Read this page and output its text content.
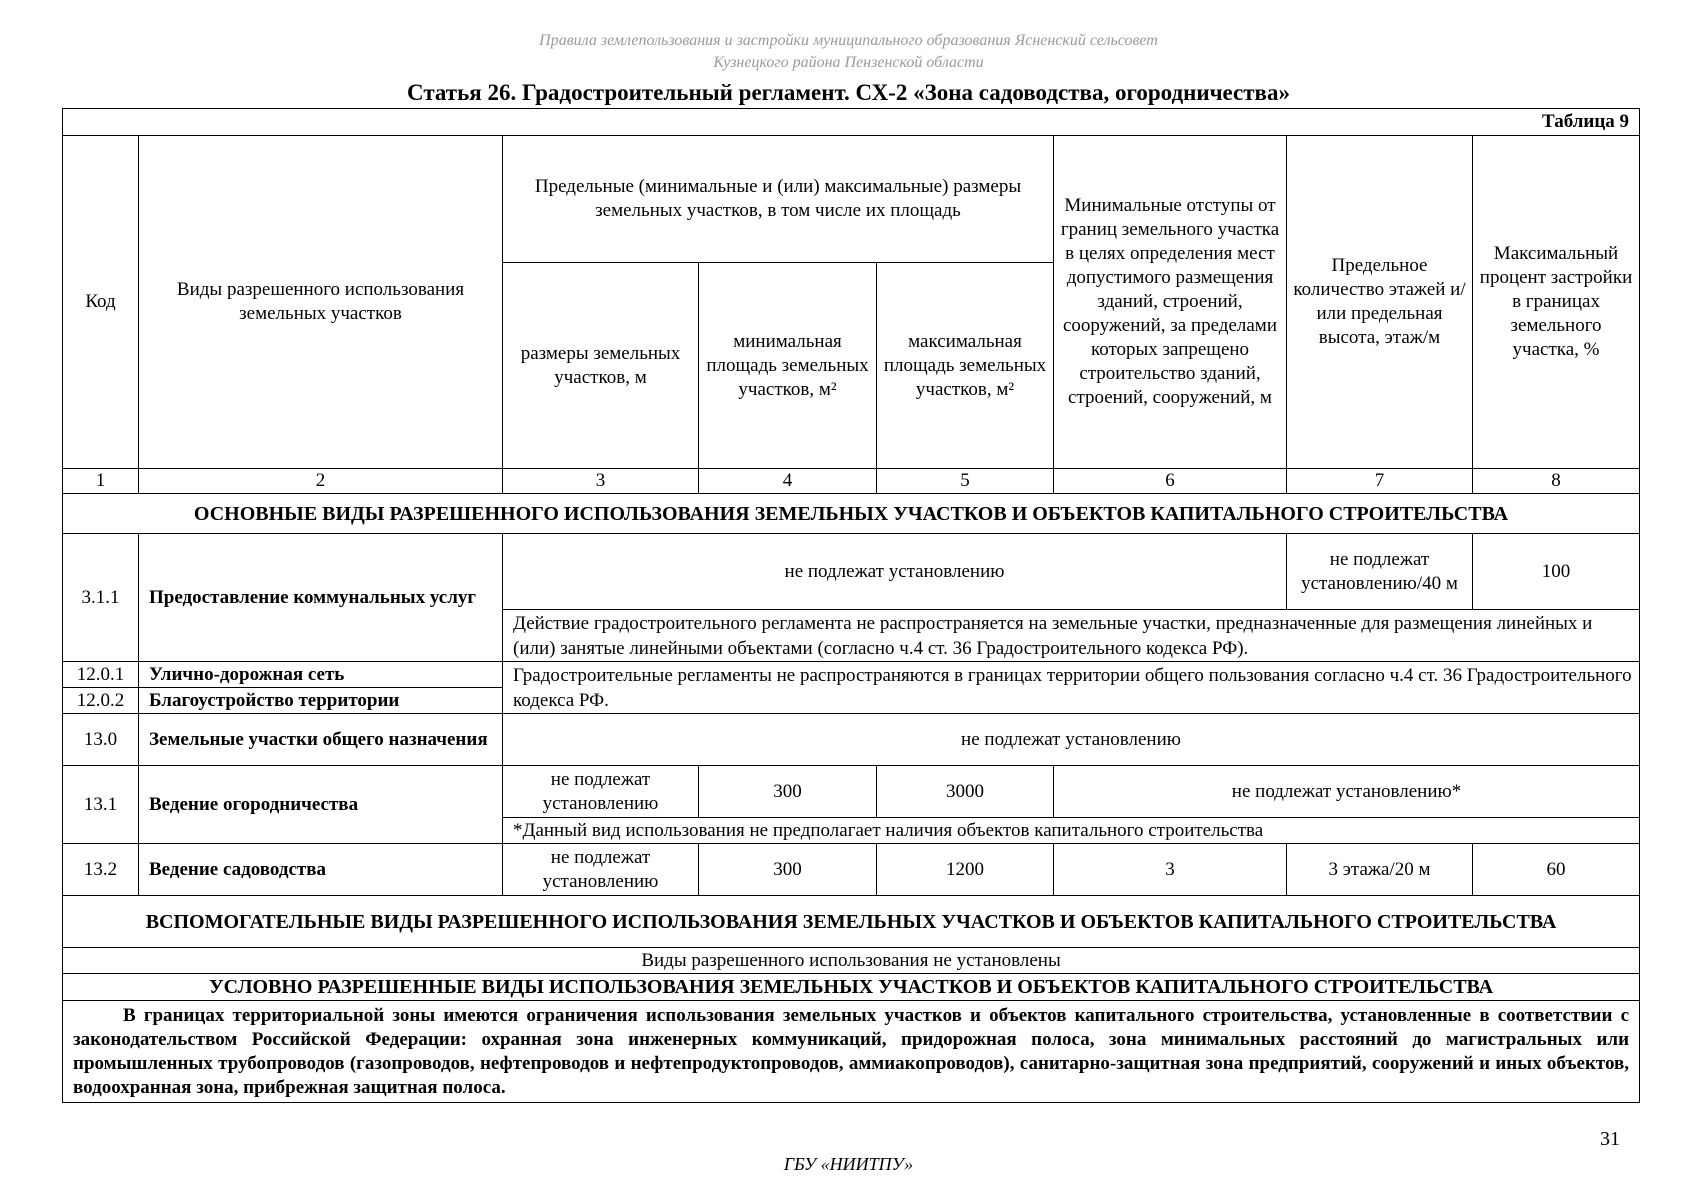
Правила землепользования и застройки муниципального образования Ясненский сельсовет
Кузнецкого района Пензенской области
Статья 26. Градостроительный регламент. СХ-2 «Зона садоводства, огородничества»
Таблица 9							
Код	Виды разрешенного использования земельных участков	Предельные (минимальные и (или) максимальные) размеры земельных участков, в том числе их площадь			Минимальные отступы от границ земельного участка в целях определения мест допустимого размещения зданий, строений, сооружений, за пределами которых запрещено строительство зданий, строений, сооружений, м	Предельное количество этажей и/или предельная высота, этаж/м	Максимальный процент застройки в границах земельного участка, %
		размеры земельных участков, м	минимальная площадь земельных участков, м²	максимальная площадь земельных участков, м²			
1	2	3	4	5	6	7	8
ОСНОВНЫЕ ВИДЫ РАЗРЕШЕННОГО ИСПОЛЬЗОВАНИЯ ЗЕМЕЛЬНЫХ УЧАСТКОВ И ОБЪЕКТОВ КАПИТАЛЬНОГО СТРОИТЕЛЬСТВА							
3.1.1	Предоставление коммунальных услуг	не подлежат установлению				не подлежат установлению/40 м	100
		Действие градостроительного регламента не распространяется на земельные участки, предназначенные для размещения линейных и (или) занятые линейными объектами (согласно ч.4 ст. 36 Градостроительного кодекса РФ).					
12.0.1	Улично-дорожная сеть	Градостроительные регламенты не распространяются в границах территории общего пользования согласно ч.4 ст. 36 Градостроительного кодекса РФ.					
12.0.2	Благоустройство территории						
13.0	Земельные участки общего назначения	не подлежат установлению					
13.1	Ведение огородничества	не подлежат установлению	300	3000	не подлежат установлению*		
		*Данный вид использования не предполагает наличия объектов капитального строительства					
13.2	Ведение садоводства	не подлежат установлению	300	1200	3	3 этажа/20 м	60
ВСПОМОГАТЕЛЬНЫЕ ВИДЫ РАЗРЕШЕННОГО ИСПОЛЬЗОВАНИЯ ЗЕМЕЛЬНЫХ УЧАСТКОВ И ОБЪЕКТОВ КАПИТАЛЬНОГО СТРОИТЕЛЬСТВА							
Виды разрешенного использования не установлены							
УСЛОВНО РАЗРЕШЕННЫЕ ВИДЫ ИСПОЛЬЗОВАНИЯ ЗЕМЕЛЬНЫХ УЧАСТКОВ И ОБЪЕКТОВ КАПИТАЛЬНОГО СТРОИТЕЛЬСТВА							
В границах территориальной зоны имеются ограничения использования земельных участков и объектов капитального строительства, установленные в соответствии с законодательством Российской Федерации: охранная зона инженерных коммуникаций, придорожная полоса, зона минимальных расстояний до магистральных или промышленных трубопроводов (газопроводов, нефтепроводов и нефтепродуктопроводов, аммиакопроводов), санитарно-защитная зона предприятий, сооружений и иных объектов, водоохранная зона, прибрежная защитная полоса.							
31
ГБУ «НИИТПУ»
